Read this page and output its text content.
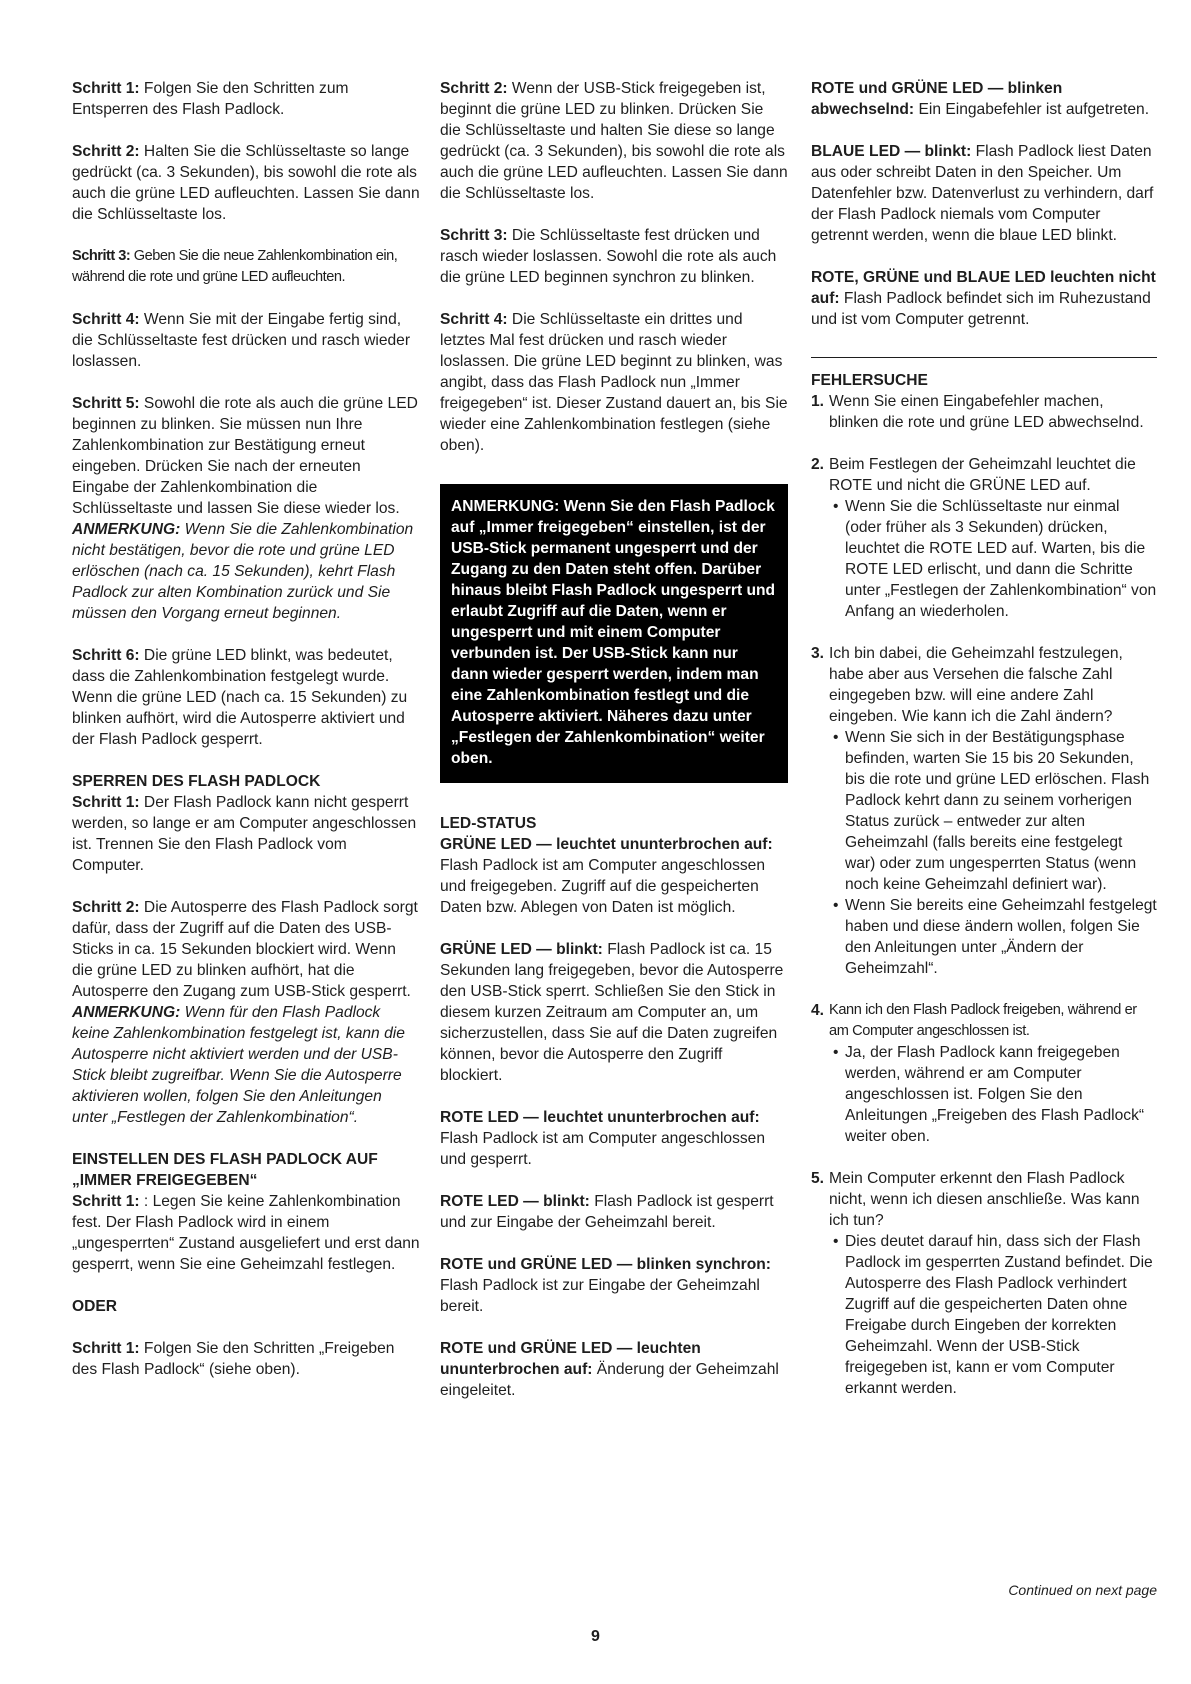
Schritt 1: Folgen Sie den Schritten zum Entsperren des Flash Padlock.

Schritt 2: Halten Sie die Schlüsseltaste so lange gedrückt (ca. 3 Sekunden), bis sowohl die rote als auch die grüne LED aufleuchten. Lassen Sie dann die Schlüsseltaste los.

Schritt 3: Geben Sie die neue Zahlenkombination ein, während die rote und grüne LED aufleuchten.

Schritt 4: Wenn Sie mit der Eingabe fertig sind, die Schlüsseltaste fest drücken und rasch wieder loslassen.

Schritt 5: Sowohl die rote als auch die grüne LED beginnen zu blinken. Sie müssen nun Ihre Zahlenkombination zur Bestätigung erneut eingeben. Drücken Sie nach der erneuten Eingabe der Zahlenkombination die Schlüsseltaste und lassen Sie diese wieder los.
ANMERKUNG: Wenn Sie die Zahlenkombination nicht bestätigen, bevor die rote und grüne LED erlöschen (nach ca. 15 Sekunden), kehrt Flash Padlock zur alten Kombination zurück und Sie müssen den Vorgang erneut beginnen.

Schritt 6: Die grüne LED blinkt, was bedeutet, dass die Zahlenkombination festgelegt wurde. Wenn die grüne LED (nach ca. 15 Sekunden) zu blinken aufhört, wird die Autosperre aktiviert und der Flash Padlock gesperrt.

SPERREN DES FLASH PADLOCK
Schritt 1: Der Flash Padlock kann nicht gesperrt werden, so lange er am Computer angeschlossen ist. Trennen Sie den Flash Padlock vom Computer.

Schritt 2: Die Autosperre des Flash Padlock sorgt dafür, dass der Zugriff auf die Daten des USB-Sticks in ca. 15 Sekunden blockiert wird. Wenn die grüne LED zu blinken aufhört, hat die Autosperre den Zugang zum USB-Stick gesperrt.
ANMERKUNG: Wenn für den Flash Padlock keine Zahlenkombination festgelegt ist, kann die Autosperre nicht aktiviert werden und der USB-Stick bleibt zugreifbar. Wenn Sie die Autosperre aktivieren wollen, folgen Sie den Anleitungen unter „Festlegen der Zahlenkombination“.

EINSTELLEN DES FLASH PADLOCK AUF „IMMER FREIGEGEBEN“
Schritt 1: : Legen Sie keine Zahlenkombination fest. Der Flash Padlock wird in einem „ungesperrten“ Zustand ausgeliefert und erst dann gesperrt, wenn Sie eine Geheimzahl festlegen.

ODER

Schritt 1: Folgen Sie den Schritten „Freigeben des Flash Padlock“ (siehe oben).

Schritt 2: Wenn der USB-Stick freigegeben ist, beginnt die grüne LED zu blinken. Drücken Sie die Schlüsseltaste und halten Sie diese so lange gedrückt (ca. 3 Sekunden), bis sowohl die rote als auch die grüne LED aufleuchten. Lassen Sie dann die Schlüsseltaste los.

Schritt 3: Die Schlüsseltaste fest drücken und rasch wieder loslassen. Sowohl die rote als auch die grüne LED beginnen synchron zu blinken.

Schritt 4: Die Schlüsseltaste ein drittes und letztes Mal fest drücken und rasch wieder loslassen. Die grüne LED beginnt zu blinken, was angibt, dass das Flash Padlock nun „Immer freigegeben“ ist. Dieser Zustand dauert an, bis Sie wieder eine Zahlenkombination festlegen (siehe oben).

ANMERKUNG: Wenn Sie den Flash Padlock auf „Immer freigegeben“ einstellen, ist der USB-Stick permanent ungesperrt und der Zugang zu den Daten steht offen. Darüber hinaus bleibt Flash Padlock ungesperrt und erlaubt Zugriff auf die Daten, wenn er ungesperrt und mit einem Computer verbunden ist. Der USB-Stick kann nur dann wieder gesperrt werden, indem man eine Zahlenkombination festlegt und die Autosperre aktiviert. Näheres dazu unter „Festlegen der Zahlenkombination“ weiter oben.

LED-STATUS
GRÜNE LED — leuchtet ununterbrochen auf: Flash Padlock ist am Computer angeschlossen und freigegeben. Zugriff auf die gespeicherten Daten bzw. Ablegen von Daten ist möglich.

GRÜNE LED — blinkt: Flash Padlock ist ca. 15 Sekunden lang freigegeben, bevor die Autosperre den USB-Stick sperrt. Schließen Sie den Stick in diesem kurzen Zeitraum am Computer an, um sicherzustellen, dass Sie auf die Daten zugreifen können, bevor die Autosperre den Zugriff blockiert.

ROTE LED — leuchtet ununterbrochen auf: Flash Padlock ist am Computer angeschlossen und gesperrt.

ROTE LED — blinkt: Flash Padlock ist gesperrt und zur Eingabe der Geheimzahl bereit.

ROTE und GRÜNE LED — blinken synchron: Flash Padlock ist zur Eingabe der Geheimzahl bereit.

ROTE und GRÜNE LED — leuchten ununterbrochen auf: Änderung der Geheimzahl eingeleitet.

ROTE und GRÜNE LED — blinken abwechselnd: Ein Eingabefehler ist aufgetreten.

BLAUE LED — blinkt: Flash Padlock liest Daten aus oder schreibt Daten in den Speicher. Um Datenfehler bzw. Datenverlust zu verhindern, darf der Flash Padlock niemals vom Computer getrennt werden, wenn die blaue LED blinkt.

ROTE, GRÜNE und BLAUE LED leuchten nicht auf: Flash Padlock befindet sich im Ruhezustand und ist vom Computer getrennt.

FEHLERSUCHE
1. Wenn Sie einen Eingabefehler machen, blinken die rote und grüne LED abwechselnd.
2. Beim Festlegen der Geheimzahl leuchtet die ROTE und nicht die GRÜNE LED auf.
• Wenn Sie die Schlüsseltaste nur einmal (oder früher als 3 Sekunden) drücken, leuchtet die ROTE LED auf. Warten, bis die ROTE LED erlischt, und dann die Schritte unter „Festlegen der Zahlenkombination“ von Anfang an wiederholen.
3. Ich bin dabei, die Geheimzahl festzulegen, habe aber aus Versehen die falsche Zahl eingegeben bzw. will eine andere Zahl eingeben. Wie kann ich die Zahl ändern?
• Wenn Sie sich in der Bestätigungsphase befinden, warten Sie 15 bis 20 Sekunden, bis die rote und grüne LED erlöschen. Flash Padlock kehrt dann zu seinem vorherigen Status zurück – entweder zur alten Geheimzahl (falls bereits eine festgelegt war) oder zum ungesperrten Status (wenn noch keine Geheimzahl definiert war).
• Wenn Sie bereits eine Geheimzahl festgelegt haben und diese ändern wollen, folgen Sie den Anleitungen unter „Ändern der Geheimzahl“.
4. Kann ich den Flash Padlock freigeben, während er am Computer angeschlossen ist.
• Ja, der Flash Padlock kann freigegeben werden, während er am Computer angeschlossen ist. Folgen Sie den Anleitungen „Freigeben des Flash Padlock“ weiter oben.
5. Mein Computer erkennt den Flash Padlock nicht, wenn ich diesen anschließe. Was kann ich tun?
• Dies deutet darauf hin, dass sich der Flash Padlock im gesperrten Zustand befindet. Die Autosperre des Flash Padlock verhindert Zugriff auf die gespeicherten Daten ohne Freigabe durch Eingeben der korrekten Geheimzahl. Wenn der USB-Stick freigegeben ist, kann er vom Computer erkannt werden.
Continued on next page
9
